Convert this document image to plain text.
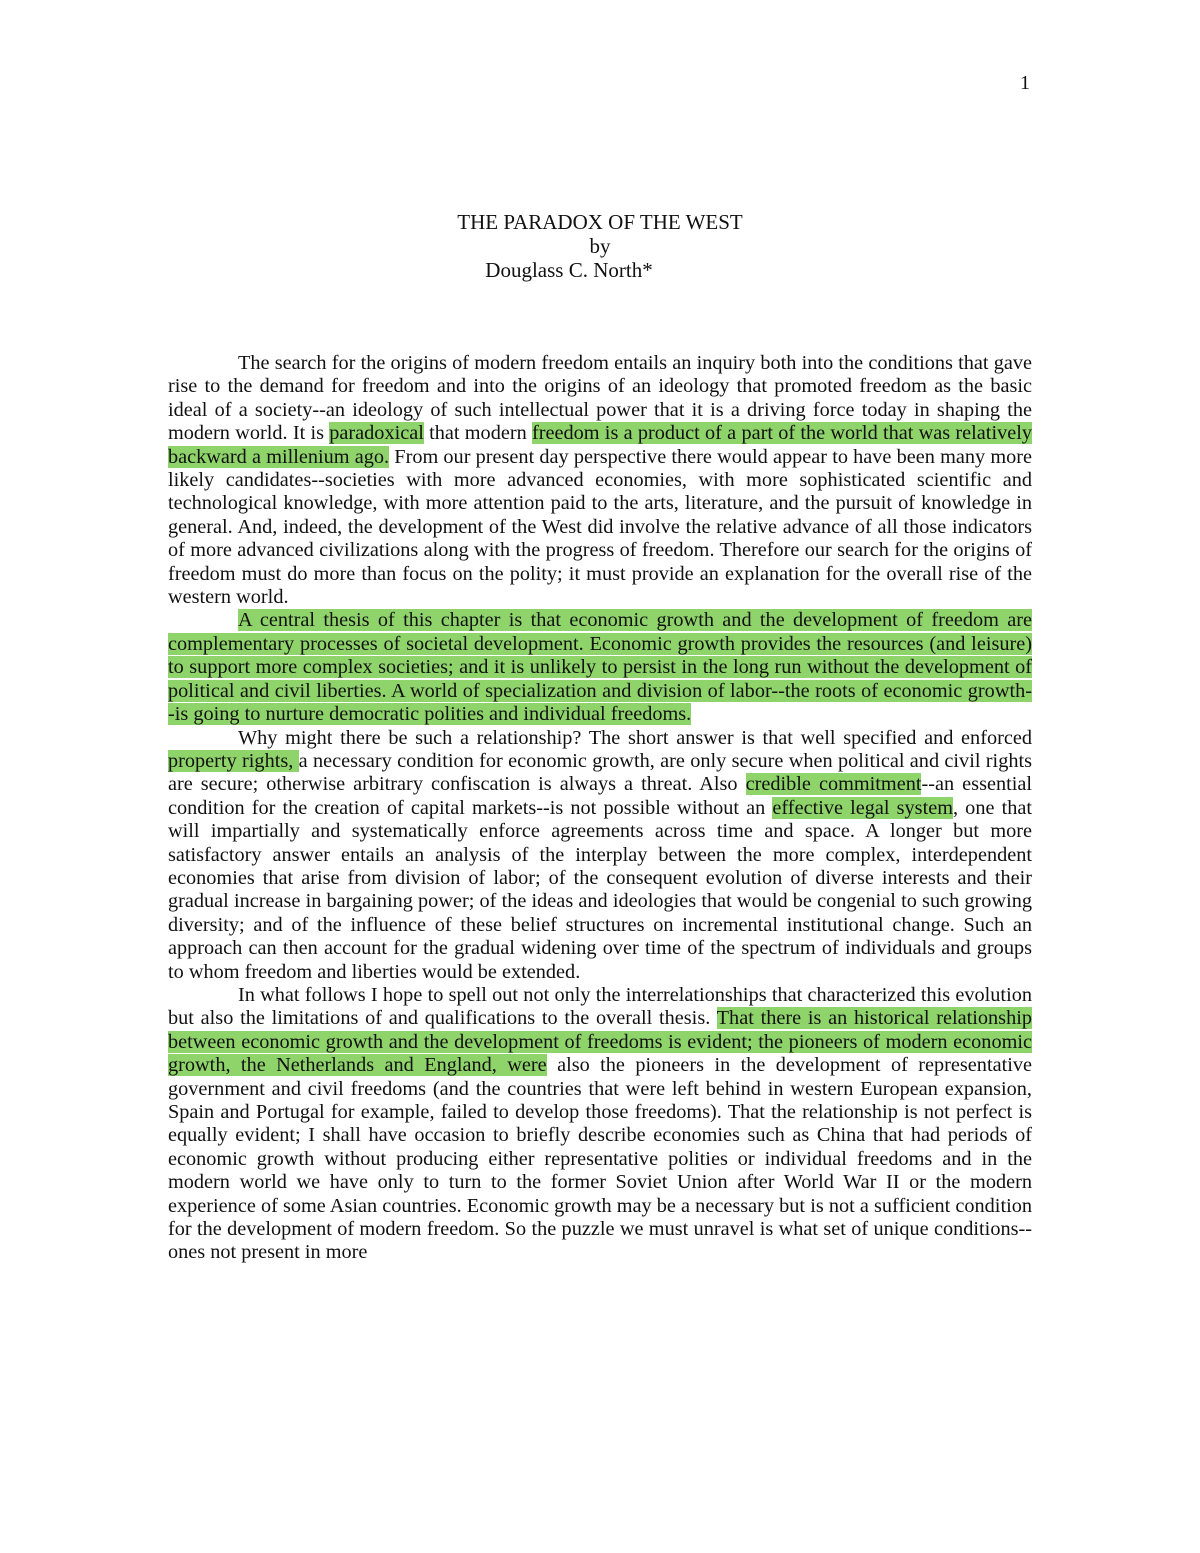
1
THE PARADOX OF THE WEST
by
Douglass C. North*

The search for the origins of modern freedom entails an inquiry both into the conditions that gave rise to the demand for freedom and into the origins of an ideology that promoted freedom as the basic ideal of a society--an ideology of such intellectual power that it is a driving force today in shaping the modern world. It is paradoxical that modern freedom is a product of a part of the world that was relatively backward a millenium ago. From our present day perspective there would appear to have been many more likely candidates--societies with more advanced economies, with more sophisticated scientific and technological knowledge, with more attention paid to the arts, literature, and the pursuit of knowledge in general. And, indeed, the development of the West did involve the relative advance of all those indicators of more advanced civilizations along with the progress of freedom. Therefore our search for the origins of freedom must do more than focus on the polity; it must provide an explanation for the overall rise of the western world.

A central thesis of this chapter is that economic growth and the development of freedom are complementary processes of societal development. Economic growth provides the resources (and leisure) to support more complex societies; and it is unlikely to persist in the long run without the development of political and civil liberties. A world of specialization and division of labor--the roots of economic growth--is going to nurture democratic polities and individual freedoms.

Why might there be such a relationship? The short answer is that well specified and enforced property rights, a necessary condition for economic growth, are only secure when political and civil rights are secure; otherwise arbitrary confiscation is always a threat. Also credible commitment--an essential condition for the creation of capital markets--is not possible without an effective legal system, one that will impartially and systematically enforce agreements across time and space. A longer but more satisfactory answer entails an analysis of the interplay between the more complex, interdependent economies that arise from division of labor; of the consequent evolution of diverse interests and their gradual increase in bargaining power; of the ideas and ideologies that would be congenial to such growing diversity; and of the influence of these belief structures on incremental institutional change. Such an approach can then account for the gradual widening over time of the spectrum of individuals and groups to whom freedom and liberties would be extended.

In what follows I hope to spell out not only the interrelationships that characterized this evolution but also the limitations of and qualifications to the overall thesis. That there is an historical relationship between economic growth and the development of freedoms is evident; the pioneers of modern economic growth, the Netherlands and England, were also the pioneers in the development of representative government and civil freedoms (and the countries that were left behind in western European expansion, Spain and Portugal for example, failed to develop those freedoms). That the relationship is not perfect is equally evident; I shall have occasion to briefly describe economies such as China that had periods of economic growth without producing either representative polities or individual freedoms and in the modern world we have only to turn to the former Soviet Union after World War II or the modern experience of some Asian countries. Economic growth may be a necessary but is not a sufficient condition for the development of modern freedom. So the puzzle we must unravel is what set of unique conditions--ones not present in more
